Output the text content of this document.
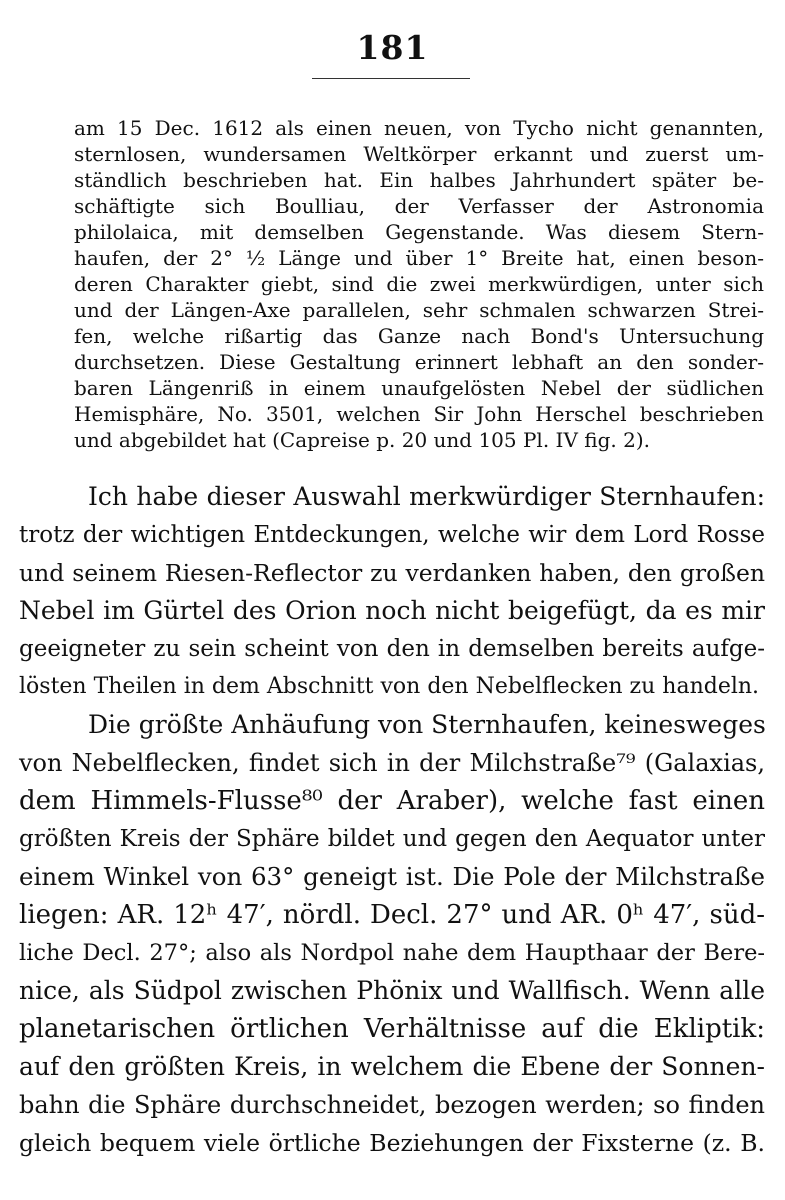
181
am 15 Dec. 1612 als einen neuen, von Tycho nicht genannten,
sternlosen, wundersamen Weltkörper erkannt und zuerst um-
ständlich beschrieben hat. Ein halbes Jahrhundert später be-
schäftigte sich Boulliau, der Verfasser der Astronomia
philolaica, mit demselben Gegenstande. Was diesem Stern-
haufen, der 2° ½ Länge und über 1° Breite hat, einen beson-
deren Charakter giebt, sind die zwei merkwürdigen, unter sich
und der Längen-Axe parallelen, sehr schmalen schwarzen Strei-
fen, welche rißartig das Ganze nach Bond's Untersuchung
durchsetzen. Diese Gestaltung erinnert lebhaft an den sonder-
baren Längenriß in einem unaufgelösten Nebel der südlichen
Hemisphäre, No. 3501, welchen Sir John Herschel beschrieben
und abgebildet hat (Capreise p. 20 und 105 Pl. IV fig. 2).
Ich habe dieser Auswahl merkwürdiger Sternhaufen:
trotz der wichtigen Entdeckungen, welche wir dem Lord Rosse
und seinem Riesen-Reflector zu verdanken haben, den großen
Nebel im Gürtel des Orion noch nicht beigefügt, da es mir
geeigneter zu sein scheint von den in demselben bereits aufge-
lösten Theilen in dem Abschnitt von den Nebelflecken zu handeln.
Die größte Anhäufung von Sternhaufen, keinesweges
von Nebelflecken, findet sich in der Milchstraße⁷⁹ (Galaxias,
dem Himmels-Flusse⁸⁰ der Araber), welche fast einen
größten Kreis der Sphäre bildet und gegen den Aequator unter
einem Winkel von 63° geneigt ist. Die Pole der Milchstraße
liegen: AR. 12ʰ 47′, nördl. Decl. 27° und AR. 0ʰ 47′, süd-
liche Decl. 27°; also als Nordpol nahe dem Haupthaar der Bere-
nice, als Südpol zwischen Phönix und Wallfisch. Wenn alle
planetarischen örtlichen Verhältnisse auf die Ekliptik:
auf den größten Kreis, in welchem die Ebene der Sonnen-
bahn die Sphäre durchschneidet, bezogen werden; so finden
gleich bequem viele örtliche Beziehungen der Fixsterne (z. B.
